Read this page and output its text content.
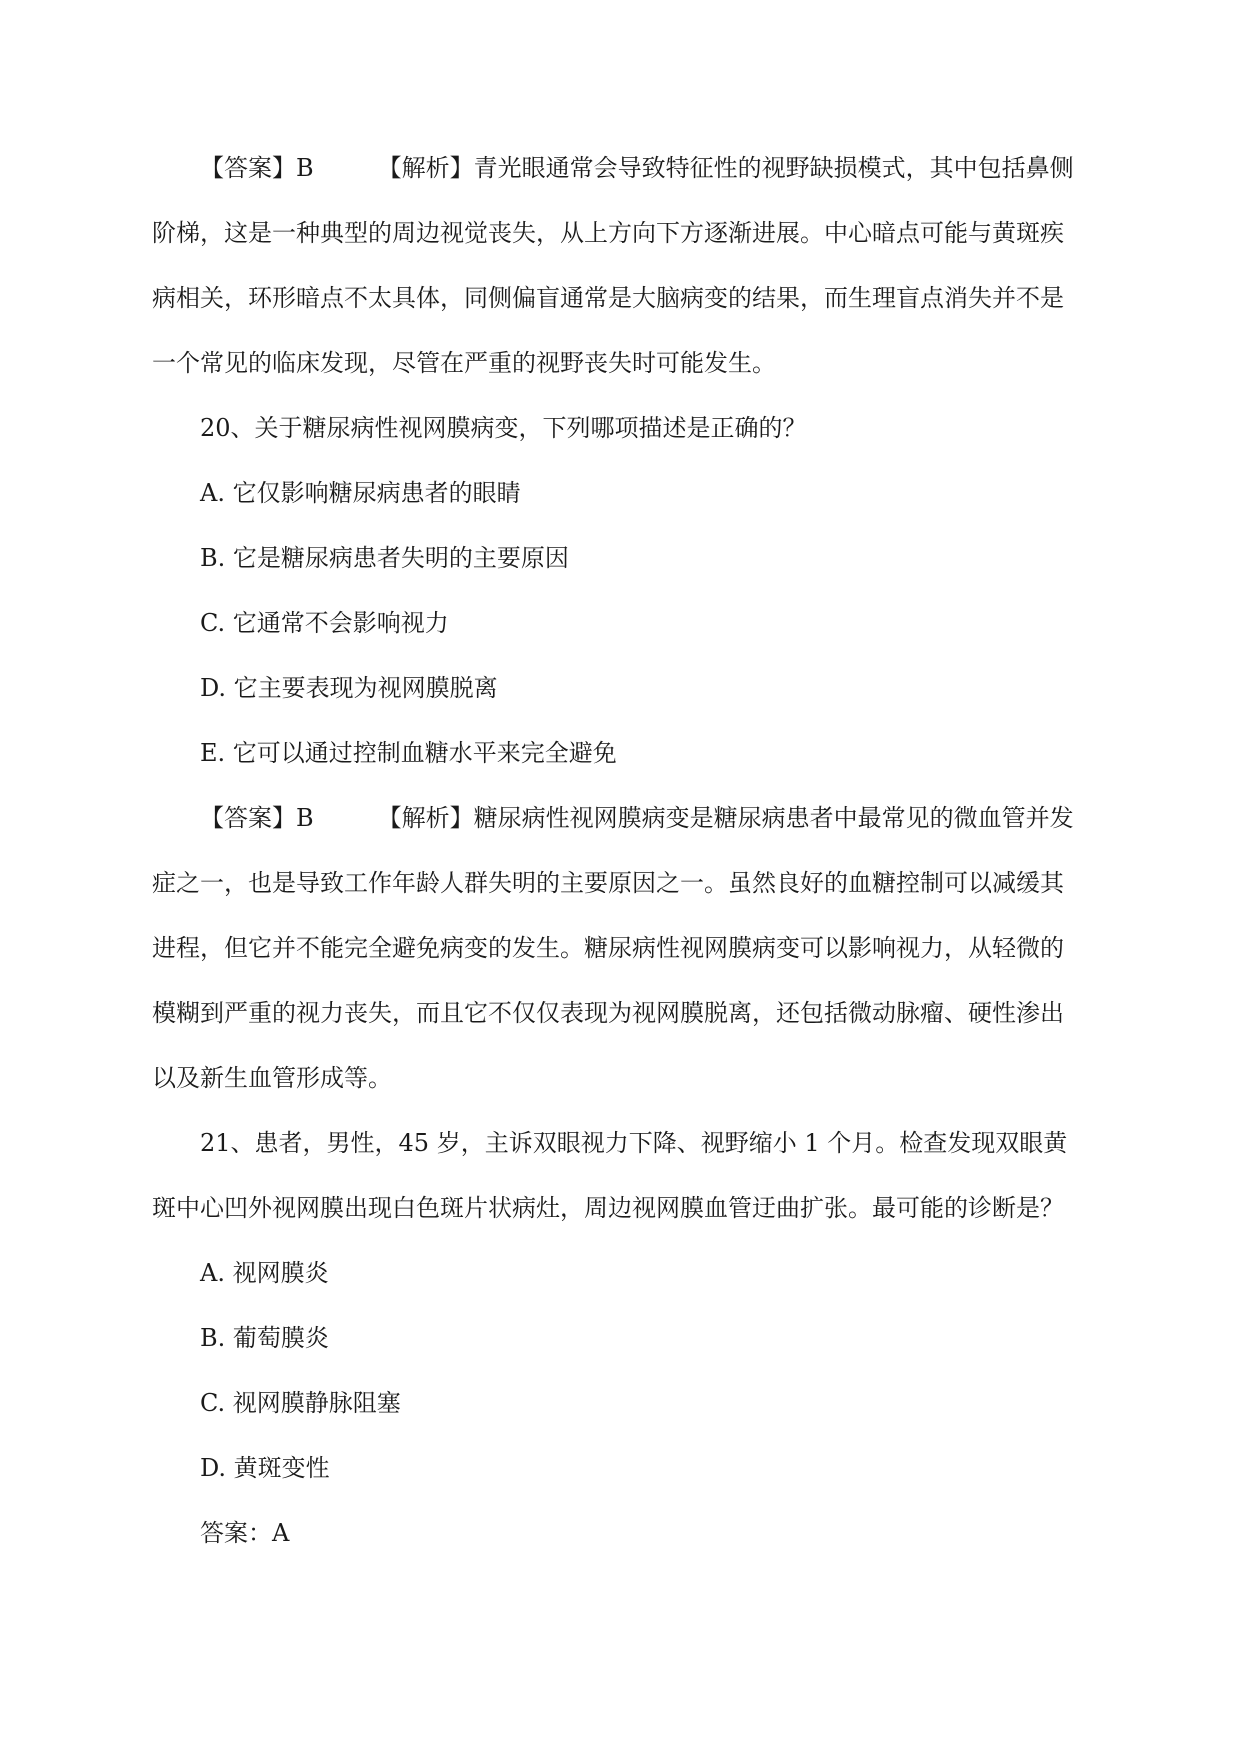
【答案】B	【解析】青光眼通常会导致特征性的视野缺损模式，其中包括鼻侧
阶梯，这是一种典型的周边视觉丧失，从上方向下方逐渐进展。中心暗点可能与黄斑疾
病相关，环形暗点不太具体，同侧偏盲通常是大脑病变的结果，而生理盲点消失并不是
一个常见的临床发现，尽管在严重的视野丧失时可能发生。
20、关于糖尿病性视网膜病变，下列哪项描述是正确的？
A. 它仅影响糖尿病患者的眼睛
B. 它是糖尿病患者失明的主要原因
C. 它通常不会影响视力
D. 它主要表现为视网膜脱离
E. 它可以通过控制血糖水平来完全避免
【答案】B	【解析】糖尿病性视网膜病变是糖尿病患者中最常见的微血管并发
症之一，也是导致工作年龄人群失明的主要原因之一。虽然良好的血糖控制可以减缓其
进程，但它并不能完全避免病变的发生。糖尿病性视网膜病变可以影响视力，从轻微的
模糊到严重的视力丧失，而且它不仅仅表现为视网膜脱离，还包括微动脉瘤、硬性渗出
以及新生血管形成等。
21、患者，男性，45 岁，主诉双眼视力下降、视野缩小 1 个月。检查发现双眼黄
斑中心凹外视网膜出现白色斑片状病灶，周边视网膜血管迂曲扩张。最可能的诊断是？
A. 视网膜炎
B. 葡萄膜炎
C. 视网膜静脉阻塞
D. 黄斑变性
答案：A
